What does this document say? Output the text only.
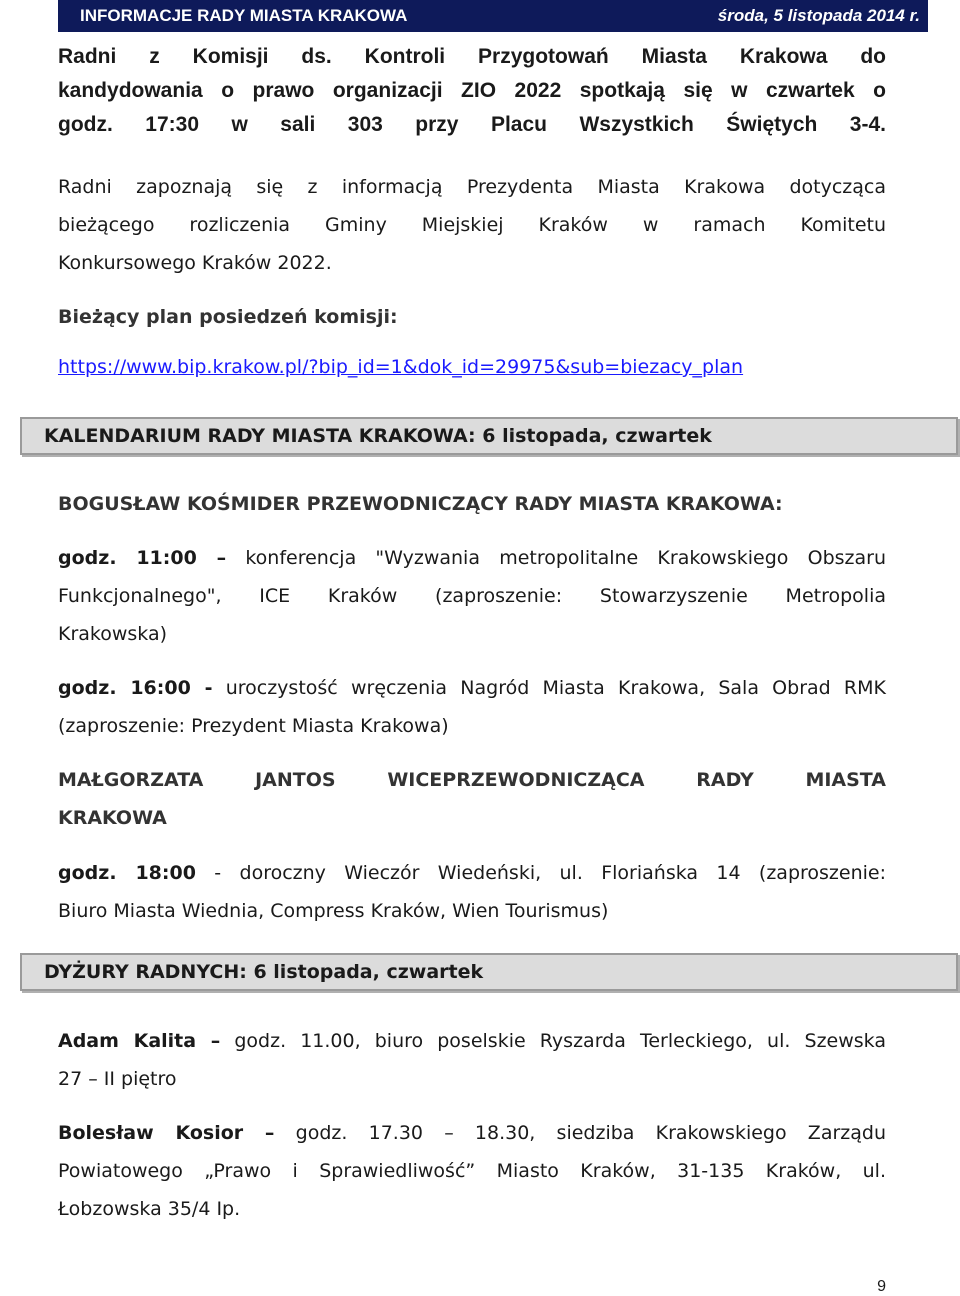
INFORMACJE RADY MIASTA KRAKOWA	środa, 5 listopada 2014 r.
Radni z Komisji ds. Kontroli Przygotowań Miasta Krakowa do
kandydowania o prawo organizacji ZIO 2022 spotkają się w czwartek o
godz. 17:30 w sali 303 przy Placu Wszystkich Świętych 3-4.
Radni zapoznają się z informacją Prezydenta Miasta Krakowa dotycząca
bieżącego rozliczenia Gminy Miejskiej Kraków w ramach Komitetu
Konkursowego Kraków 2022.
Bieżący plan posiedzeń komisji:
https://www.bip.krakow.pl/?bip_id=1&dok_id=29975&sub=biezacy_plan
KALENDARIUM RADY MIASTA KRAKOWA: 6 listopada, czwartek
BOGUSŁAW KOŚMIDER PRZEWODNICZĄCY RADY MIASTA KRAKOWA:
godz. 11:00 – konferencja "Wyzwania metropolitalne Krakowskiego Obszaru
Funkcjonalnego", ICE Kraków (zaproszenie: Stowarzyszenie Metropolia
Krakowska)
godz. 16:00 - uroczystość wręczenia Nagród Miasta Krakowa, Sala Obrad RMK
(zaproszenie: Prezydent Miasta Krakowa)
MAŁGORZATA JANTOS WICEPRZEWODNICZĄCA RADY MIASTA
KRAKOWA
godz. 18:00 - doroczny Wieczór Wiedeński, ul. Floriańska 14 (zaproszenie:
Biuro Miasta Wiednia, Compress Kraków, Wien Tourismus)
DYŻURY RADNYCH: 6 listopada, czwartek
Adam Kalita – godz. 11.00, biuro poselskie Ryszarda Terleckiego, ul. Szewska
27 – II piętro
Bolesław Kosior – godz. 17.30 – 18.30, siedziba Krakowskiego Zarządu
Powiatowego „Prawo i Sprawiedliwość” Miasto Kraków, 31-135 Kraków, ul.
Łobzowska 35/4 Ip.
9
